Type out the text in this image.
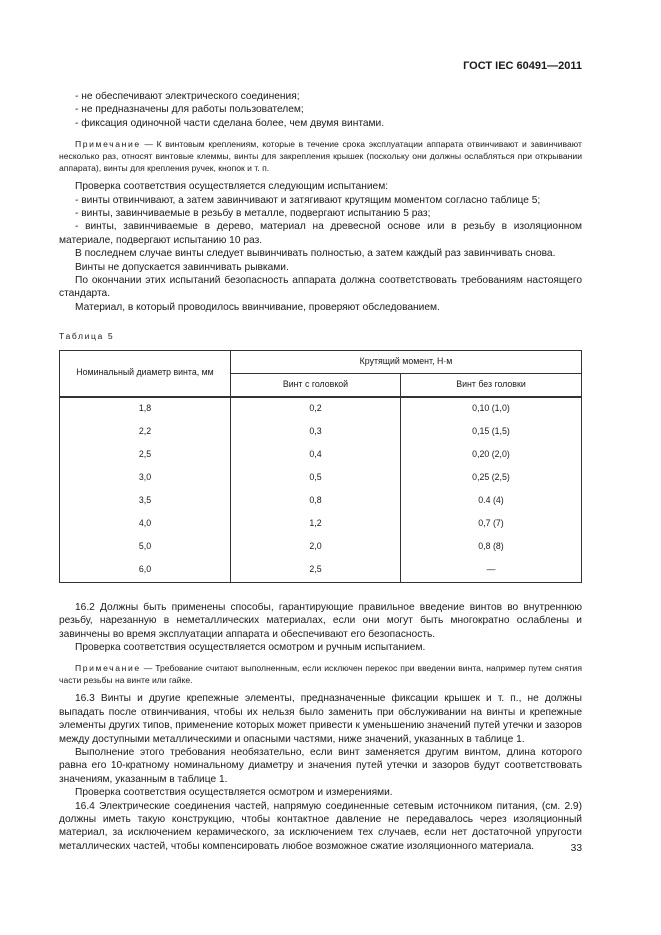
ГОСТ IEC 60491—2011

- не обеспечивают электрического соединения;

- не предназначены для работы пользователем;

- фиксация одиночной части сделана более, чем двумя винтами.

Примечание — К винтовым креплениям, которые в течение срока эксплуатации аппарата отвинчивают и завинчивают несколько раз, относят винтовые клеммы, винты для закрепления крышек (поскольку они должны ослабляться при открывании аппарата), винты для крепления ручек, кнопок и т. п.

Проверка соответствия осуществляется следующим испытанием:

- винты отвинчивают, а затем завинчивают и затягивают крутящим моментом согласно таблице 5;

- винты, завинчиваемые в резьбу в металле, подвергают испытанию 5 раз;

- винты, завинчиваемые в дерево, материал на древесной основе или в резьбу в изоляционном материале, подвергают испытанию 10 раз.

В последнем случае винты следует вывинчивать полностью, а затем каждый раз завинчивать снова.

Винты не допускается завинчивать рывками.

По окончании этих испытаний безопасность аппарата должна соответствовать требованиям настоящего стандарта.

Материал, в который проводилось ввинчивание, проверяют обследованием.

Таблица 5

Номинальный диаметр винта, мм	Крутящий момент, Н·м	
	Винт с головкой	Винт без головки
1,8	0,2	0,10 (1,0)
2,2	0,3	0,15 (1,5)
2,5	0,4	0,20 (2,0)
3,0	0,5	0,25 (2,5)
3,5	0,8	0.4 (4)
4,0	1,2	0,7 (7)
5,0	2,0	0,8 (8)
6,0	2,5	—

16.2 Должны быть применены способы, гарантирующие правильное введение винтов во внутреннюю резьбу, нарезанную в неметаллических материалах, если они могут быть многократно ослаблены и завинчены во время эксплуатации аппарата и обеспечивают его безопасность.

Проверка соответствия осуществляется осмотром и ручным испытанием.

Примечание — Требование считают выполненным, если исключен перекос при введении винта, например путем снятия части резьбы на винте или гайке.

16.3 Винты и другие крепежные элементы, предназначенные фиксации крышек и т. п., не должны выпадать после отвинчивания, чтобы их нельзя было заменить при обслуживании на винты и крепежные элементы других типов, применение которых может привести к уменьшению значений путей утечки и зазоров между доступными металлическими и опасными частями, ниже значений, указанных в таблице 1.

Выполнение этого требования необязательно, если винт заменяется другим винтом, длина которого равна его 10-кратному номинальному диаметру и значения путей утечки и зазоров будут соответствовать значениям, указанным в таблице 1.

Проверка соответствия осуществляется осмотром и измерениями.

16.4 Электрические соединения частей, напрямую соединенные сетевым источником питания, (см. 2.9) должны иметь такую конструкцию, чтобы контактное давление не передавалось через изоляционный материал, за исключением керамического, за исключением тех случаев, если нет достаточной упругости металлических частей, чтобы компенсировать любое возможное сжатие изоляционного материала.	33
